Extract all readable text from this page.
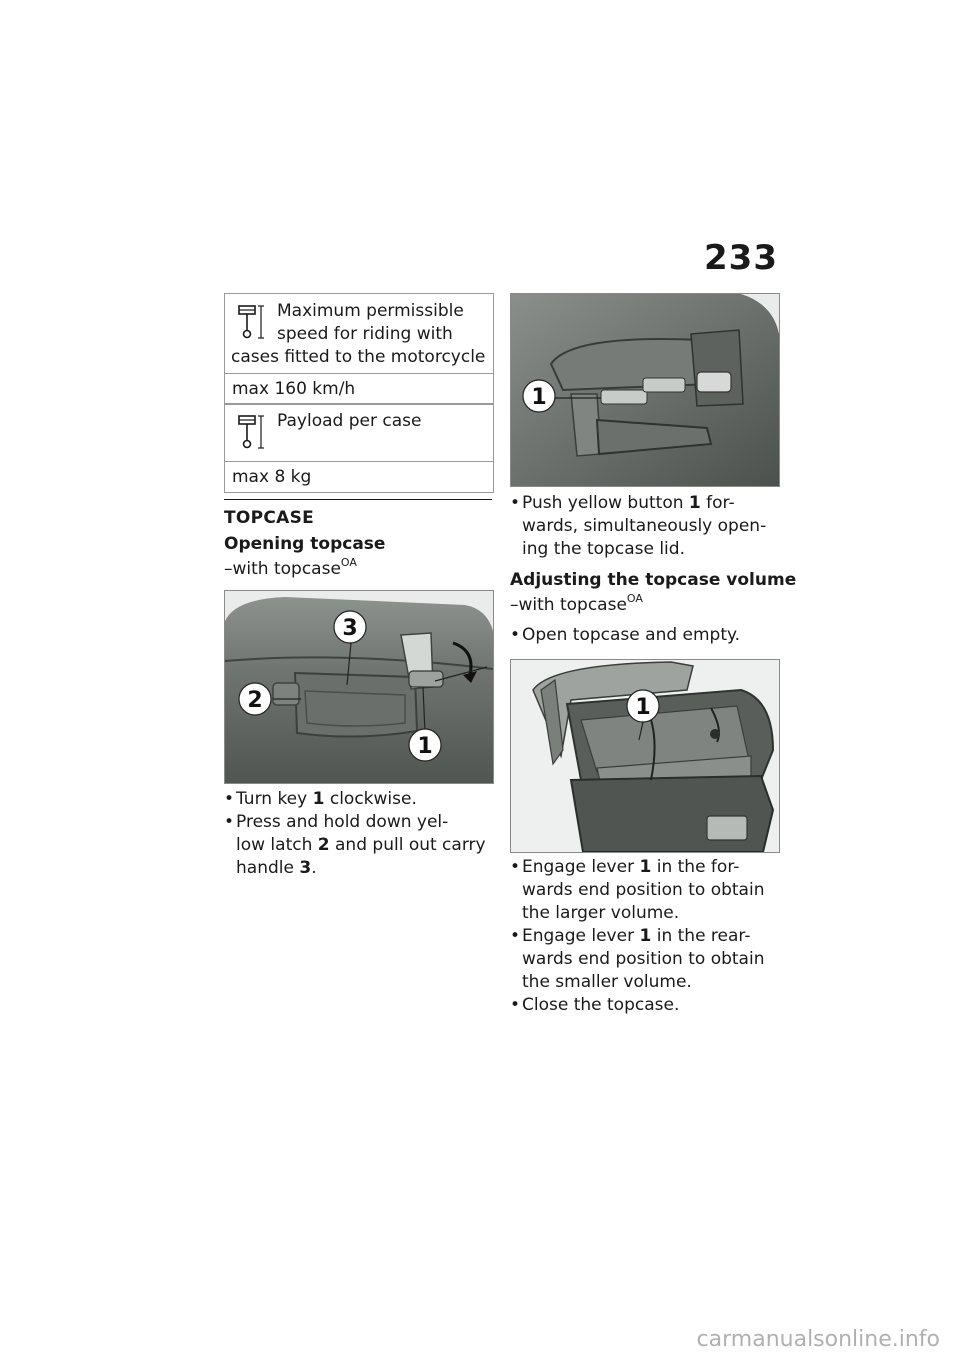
233
Maximum permissible
speed for riding with
cases fitted to the motorcycle
max 160 km/h
Payload per case
max 8 kg
TOPCASE
Opening topcase
–with topcase$^{OA}$
3
2
1
• Turn key 1 clockwise.
• Press and hold down yel-
low latch 2 and pull out carry
handle 3.
1
• Push yellow button 1 for-
wards, simultaneously open-
ing the topcase lid.
Adjusting the topcase volume
–with topcase$^{OA}$
• Open topcase and empty.
1
• Engage lever 1 in the for-
wards end position to obtain
the larger volume.
• Engage lever 1 in the rear-
wards end position to obtain
the smaller volume.
• Close the topcase.
carmanualsonline.info
